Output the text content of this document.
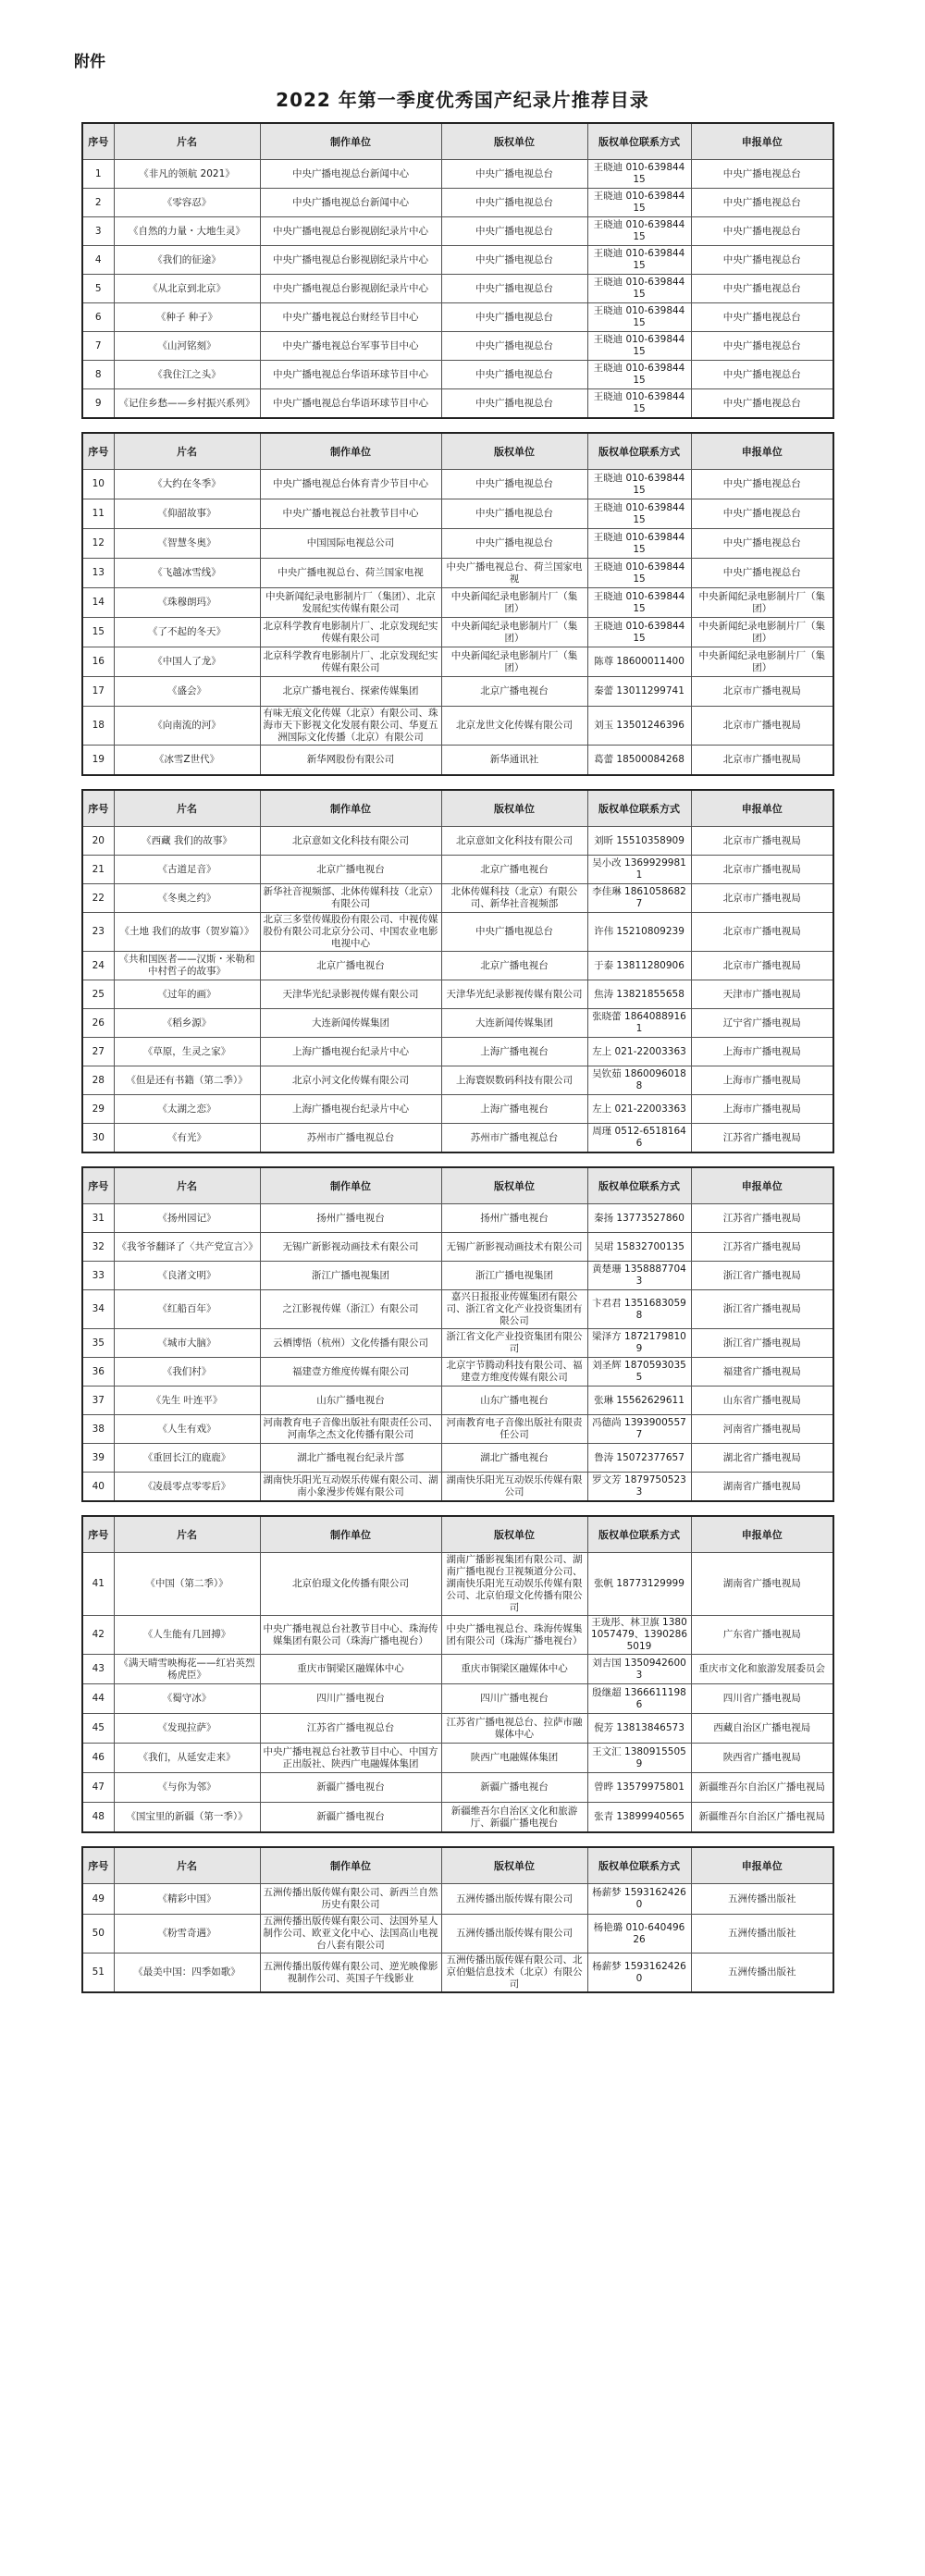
附件
2022 年第一季度优秀国产纪录片推荐目录
序号	片名	制作单位	版权单位	版权单位联系方式	申报单位
1	《非凡的领航 2021》	中央广播电视总台新闻中心	中央广播电视总台	王晓迪 010-63984415	中央广播电视总台
2	《零容忍》	中央广播电视总台新闻中心	中央广播电视总台	王晓迪 010-63984415	中央广播电视总台
3	《自然的力量・大地生灵》	中央广播电视总台影视剧纪录片中心	中央广播电视总台	王晓迪 010-63984415	中央广播电视总台
4	《我们的征途》	中央广播电视总台影视剧纪录片中心	中央广播电视总台	王晓迪 010-63984415	中央广播电视总台
5	《从北京到北京》	中央广播电视总台影视剧纪录片中心	中央广播电视总台	王晓迪 010-63984415	中央广播电视总台
6	《种子 种子》	中央广播电视总台财经节目中心	中央广播电视总台	王晓迪 010-63984415	中央广播电视总台
7	《山河铭刻》	中央广播电视总台军事节目中心	中央广播电视总台	王晓迪 010-63984415	中央广播电视总台
8	《我住江之头》	中央广播电视总台华语环球节目中心	中央广播电视总台	王晓迪 010-63984415	中央广播电视总台
9	《记住乡愁——乡村振兴系列》	中央广播电视总台华语环球节目中心	中央广播电视总台	王晓迪 010-63984415	中央广播电视总台
序号	片名	制作单位	版权单位	版权单位联系方式	申报单位
10	《大约在冬季》	中央广播电视总台体育青少节目中心	中央广播电视总台	王晓迪 010-63984415	中央广播电视总台
11	《仰韶故事》	中央广播电视总台社教节目中心	中央广播电视总台	王晓迪 010-63984415	中央广播电视总台
12	《智慧冬奥》	中国国际电视总公司	中央广播电视总台	王晓迪 010-63984415	中央广播电视总台
13	《飞越冰雪线》	中央广播电视总台、荷兰国家电视	中央广播电视总台、荷兰国家电视	王晓迪 010-63984415	中央广播电视总台
14	《珠穆朗玛》	中央新闻纪录电影制片厂（集团）、北京发展纪实传媒有限公司	中央新闻纪录电影制片厂（集团）	王晓迪 010-63984415	中央新闻纪录电影制片厂（集团）
15	《了不起的冬天》	北京科学教育电影制片厂、北京发现纪实传媒有限公司	中央新闻纪录电影制片厂（集团）	王晓迪 010-63984415	中央新闻纪录电影制片厂（集团）
16	《中国人了龙》	北京科学教育电影制片厂、北京发现纪实传媒有限公司	中央新闻纪录电影制片厂（集团）	陈尊 18600011400	中央新闻纪录电影制片厂（集团）
17	《盛会》	北京广播电视台、探索传媒集团	北京广播电视台	秦蕾 13011299741	北京市广播电视局
18	《向南流的河》	有味无痕文化传媒（北京）有限公司、珠海市天下影视文化发展有限公司、华夏五洲国际文化传播（北京）有限公司	北京龙世文化传媒有限公司	刘玉 13501246396	北京市广播电视局
19	《冰雪Z世代》	新华网股份有限公司	新华通讯社	葛蕾 18500084268	北京市广播电视局
序号	片名	制作单位	版权单位	版权单位联系方式	申报单位
20	《西藏 我们的故事》	北京意如文化科技有限公司	北京意如文化科技有限公司	刘昕 15510358909	北京市广播电视局
21	《古道足音》	北京广播电视台	北京广播电视台	吴小改 13699299811	北京市广播电视局
22	《冬奥之约》	新华社音视频部、北体传媒科技（北京）有限公司	北体传媒科技（北京）有限公司、新华社音视频部	李佳琳 18610586827	北京市广播电视局
23	《土地 我们的故事（贺岁篇）》	北京三多堂传媒股份有限公司、中视传媒股份有限公司北京分公司、中国农业电影电视中心	中央广播电视总台	许伟 15210809239	北京市广播电视局
24	《共和国医者——汉斯・米勒和中村哲子的故事》	北京广播电视台	北京广播电视台	于泰 13811280906	北京市广播电视局
25	《过年的画》	天津华光纪录影视传媒有限公司	天津华光纪录影视传媒有限公司	焦涛 13821855658	天津市广播电视局
26	《稻乡源》	大连新闻传媒集团	大连新闻传媒集团	张晓蕾 18640889161	辽宁省广播电视局
27	《草原，生灵之家》	上海广播电视台纪录片中心	上海广播电视台	左上 021-22003363	上海市广播电视局
28	《但是还有书籍（第二季）》	北京小河文化传媒有限公司	上海寰娱数码科技有限公司	吴钦茹 18600960188	上海市广播电视局
29	《太湖之恋》	上海广播电视台纪录片中心	上海广播电视台	左上 021-22003363	上海市广播电视局
30	《有光》	苏州市广播电视总台	苏州市广播电视总台	周瑾 0512-65181646	江苏省广播电视局
序号	片名	制作单位	版权单位	版权单位联系方式	申报单位
31	《扬州园记》	扬州广播电视台	扬州广播电视台	秦扬 13773527860	江苏省广播电视局
32	《我爷爷翻译了〈共产党宣言〉》	无锡广新影视动画技术有限公司	无锡广新影视动画技术有限公司	吴珺 15832700135	江苏省广播电视局
33	《良渚文明》	浙江广播电视集团	浙江广播电视集团	黄楚珊 13588877043	浙江省广播电视局
34	《红船百年》	之江影视传媒（浙江）有限公司	嘉兴日报报业传媒集团有限公司、浙江省文化产业投资集团有限公司	卞君君 13516830598	浙江省广播电视局
35	《城市大脑》	云栖博悟（杭州）文化传播有限公司	浙江省文化产业投资集团有限公司	梁泽方 18721798109	浙江省广播电视局
36	《我们村》	福建壹方维度传媒有限公司	北京宇节腾动科技有限公司、福建壹方维度传媒有限公司	刘圣辉 18705930355	福建省广播电视局
37	《先生 叶连平》	山东广播电视台	山东广播电视台	张琳 15562629611	山东省广播电视局
38	《人生有戏》	河南教育电子音像出版社有限责任公司、河南华之杰文化传播有限公司	河南教育电子音像出版社有限责任公司	冯德尚 13939005577	河南省广播电视局
39	《重回长江的鹿鹿》	湖北广播电视台纪录片部	湖北广播电视台	鲁涛 15072377657	湖北省广播电视局
40	《凌晨零点零零后》	湖南快乐阳光互动娱乐传媒有限公司、湖南小象漫步传媒有限公司	湖南快乐阳光互动娱乐传媒有限公司	罗文芳 18797505233	湖南省广播电视局
序号	片名	制作单位	版权单位	版权单位联系方式	申报单位
41	《中国（第二季）》	北京伯璟文化传播有限公司	湖南广播影视集团有限公司、湖南广播电视台卫视频道分公司、湖南快乐阳光互动娱乐传媒有限公司、北京伯璟文化传播有限公司	张帆 18773129999	湖南省广播电视局
42	《人生能有几回搏》	中央广播电视总台社教节目中心、珠海传媒集团有限公司（珠海广播电视台）	中央广播电视总台、珠海传媒集团有限公司（珠海广播电视台）	王珑彤、林卫旗 13801057479、13902865019	广东省广播电视局
43	《满天晴雪映梅花——红岩英烈杨虎臣》	重庆市铜梁区融媒体中心	重庆市铜梁区融媒体中心	刘吉国 13509426003	重庆市文化和旅游发展委员会
44	《蜀守冰》	四川广播电视台	四川广播电视台	殷继超 13666111986	四川省广播电视局
45	《发现拉萨》	江苏省广播电视总台	江苏省广播电视总台、拉萨市融媒体中心	倪芳 13813846573	西藏自治区广播电视局
46	《我们，从延安走来》	中央广播电视总台社教节目中心、中国方正出版社、陕西广电融媒体集团	陕西广电融媒体集团	王文汇 13809155059	陕西省广播电视局
47	《与你为邻》	新疆广播电视台	新疆广播电视台	曾晔 13579975801	新疆维吾尔自治区广播电视局
48	《国宝里的新疆（第一季）》	新疆广播电视台	新疆维吾尔自治区文化和旅游厅、新疆广播电视台	张青 13899940565	新疆维吾尔自治区广播电视局
序号	片名	制作单位	版权单位	版权单位联系方式	申报单位
49	《精彩中国》	五洲传播出版传媒有限公司、新西兰自然历史有限公司	五洲传播出版传媒有限公司	杨薪梦 15931624260	五洲传播出版社
50	《粉雪奇遇》	五洲传播出版传媒有限公司、法国外星人制作公司、欧亚文化中心、法国高山电视台八套有限公司	五洲传播出版传媒有限公司	杨艳璐 010-64049626	五洲传播出版社
51	《最美中国：四季如歌》	五洲传播出版传媒有限公司、逆光映像影视制作公司、英国子午线影业	五洲传播出版传媒有限公司、北京伯魁信息技术（北京）有限公司	杨薪梦 15931624260	五洲传播出版社
